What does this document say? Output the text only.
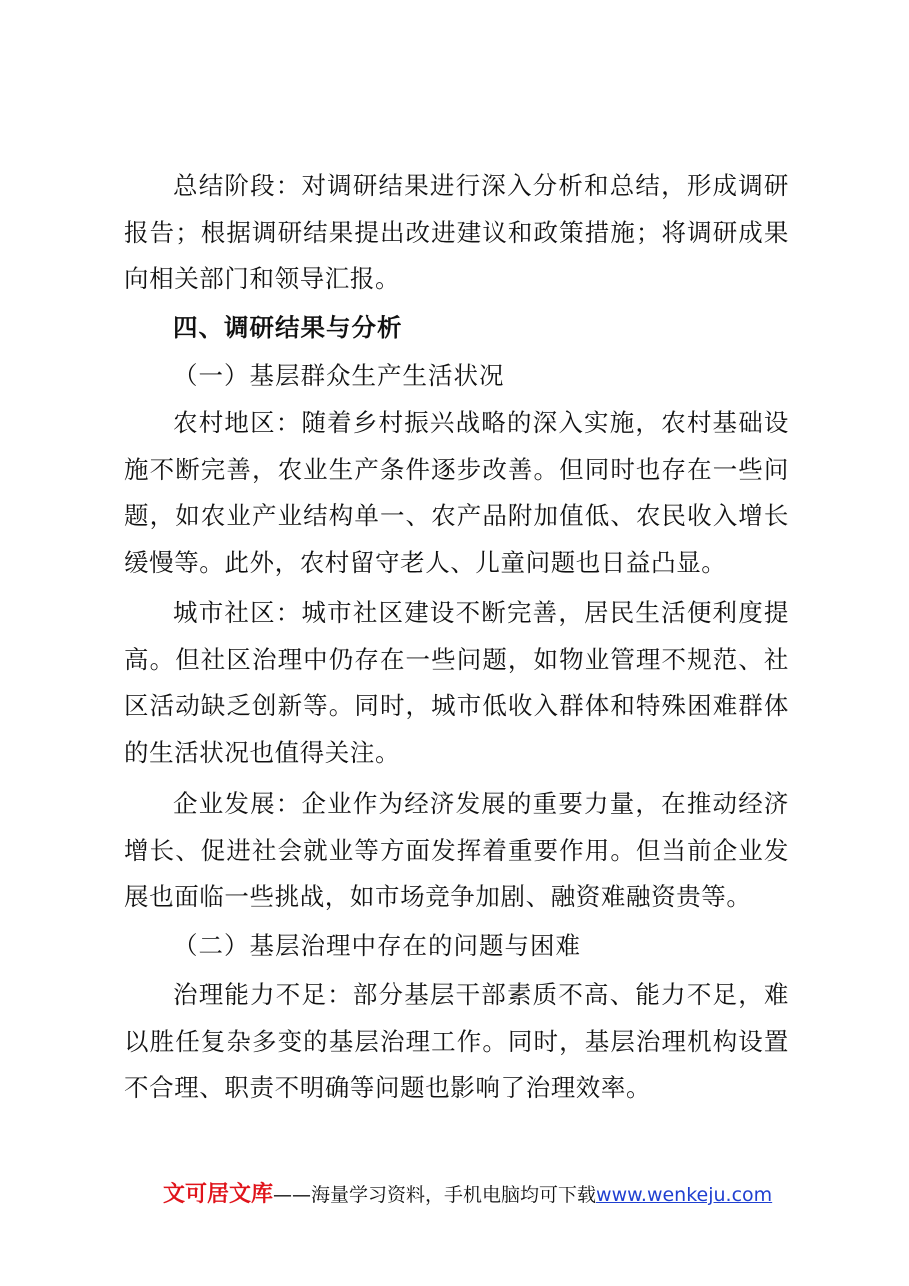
总结阶段：对调研结果进行深入分析和总结，形成调研报告；根据调研结果提出改进建议和政策措施；将调研成果向相关部门和领导汇报。

四、调研结果与分析

（一）基层群众生产生活状况

农村地区：随着乡村振兴战略的深入实施，农村基础设施不断完善，农业生产条件逐步改善。但同时也存在一些问题，如农业产业结构单一、农产品附加值低、农民收入增长缓慢等。此外，农村留守老人、儿童问题也日益凸显。

城市社区：城市社区建设不断完善，居民生活便利度提高。但社区治理中仍存在一些问题，如物业管理不规范、社区活动缺乏创新等。同时，城市低收入群体和特殊困难群体的生活状况也值得关注。

企业发展：企业作为经济发展的重要力量，在推动经济增长、促进社会就业等方面发挥着重要作用。但当前企业发展也面临一些挑战，如市场竞争加剧、融资难融资贵等。

（二）基层治理中存在的问题与困难

治理能力不足：部分基层干部素质不高、能力不足，难以胜任复杂多变的基层治理工作。同时，基层治理机构设置不合理、职责不明确等问题也影响了治理效率。

文可居文库——海量学习资料，手机电脑均可下载www.wenkeju.com
